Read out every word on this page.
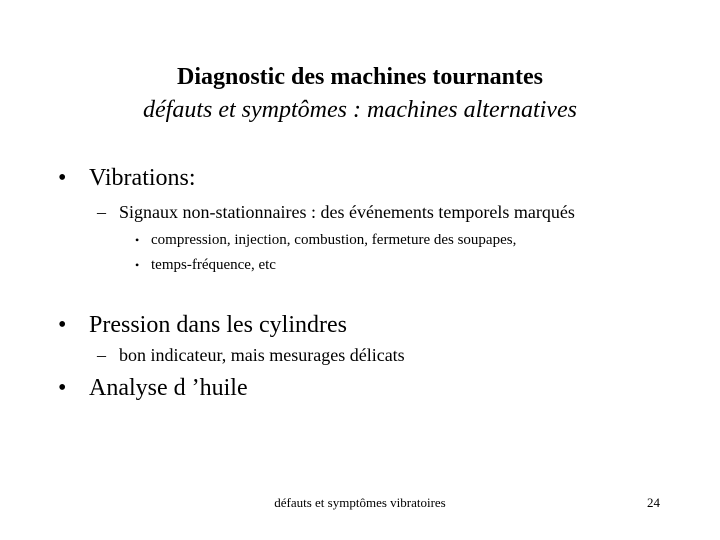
Diagnostic des machines tournantes
défauts et symptômes : machines alternatives
• Vibrations:
– Signaux non-stationnaires : des événements temporels marqués
• compression, injection, combustion, fermeture des soupapes,
• temps-fréquence, etc
• Pression dans les cylindres
– bon indicateur, mais mesurages délicats
• Analyse d ’huile
défauts et symptômes vibratoires	24
